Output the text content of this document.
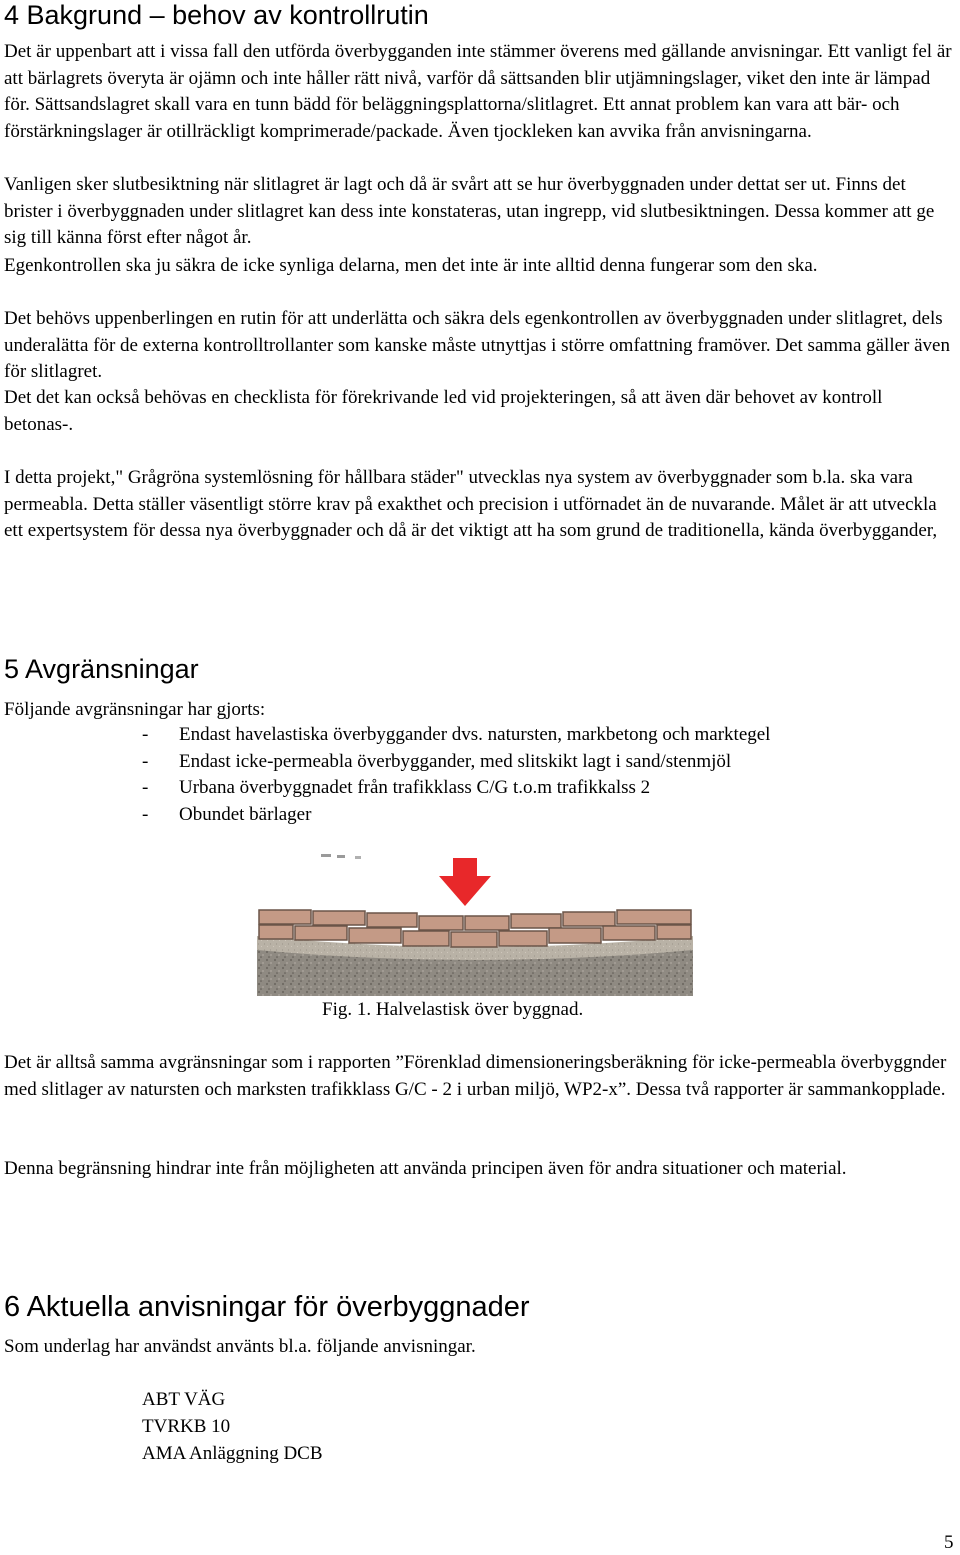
4 Bakgrund – behov av kontrollrutin

Det är uppenbart att i vissa fall den utförda överbygganden inte stämmer överens med gällande anvisningar. Ett vanligt fel är att bärlagrets överyta är ojämn och inte håller rätt nivå, varför då sättsanden blir utjämningslager, viket den inte är lämpad för. Sättsandslagret skall vara en tunn bädd för beläggningsplattorna/slitlagret. Ett annat problem kan vara att bär- och förstärkningslager är otillräckligt komprimerade/packade. Även tjockleken kan avvika från anvisningarna.

Vanligen sker slutbesiktning när slitlagret är lagt och då är svårt att se hur överbyggnaden under dettat ser ut. Finns det brister i överbyggnaden under slitlagret kan dess inte konstateras, utan ingrepp, vid slutbesiktningen. Dessa kommer att ge sig till känna först efter något år.

Egenkontrollen ska ju säkra de icke synliga delarna, men det inte är inte alltid denna fungerar som den ska.

Det behövs uppenberlingen en rutin för att underlätta och säkra dels egenkontrollen av överbyggnaden under slitlagret, dels underalätta för de externa kontrolltrollanter som kanske måste utnyttjas i större omfattning framöver. Det samma gäller även för slitlagret.

Det det kan också behövas en checklista för förekrivande led vid projekteringen, så att även där behovet av kontroll betonas-.

I detta projekt," Grågröna systemlösning för hållbara städer" utvecklas nya system av överbyggnader som b.la. ska vara permeabla. Detta ställer väsentligt större krav på exakthet och precision i utförnadet än de nuvarande. Målet är att utveckla ett expertsystem för dessa nya överbyggnader och då är det viktigt att ha som grund de traditionella, kända överbyggander,

5 Avgränsningar

Följande avgränsningar har gjorts:

- Endast havelastiska överbyggander dvs. natursten, markbetong och marktegel
- Endast icke-permeabla överbyggander, med slitskikt lagt i sand/stenmjöl
- Urbana överbyggnadet från trafikklass C/G t.o.m trafikkalss 2
- Obundet bärlager
Fig. 1. Halvelastisk över byggnad.

Det är alltså samma avgränsningar som i rapporten ”Förenklad dimensioneringsberäkning för icke-permeabla överbyggnder med slitlager av natursten och marksten trafikklass G/C - 2 i urban miljö, WP2-x”. Dessa två rapporter är sammankopplade.

Denna begränsning hindrar inte från möjligheten att använda principen även för andra situationer och material.

6 Aktuella anvisningar för överbyggnader

Som underlag har användst använts bl.a. följande anvisningar.

ABT VÄG
TVRKB 10
AMA Anläggning DCB
5
